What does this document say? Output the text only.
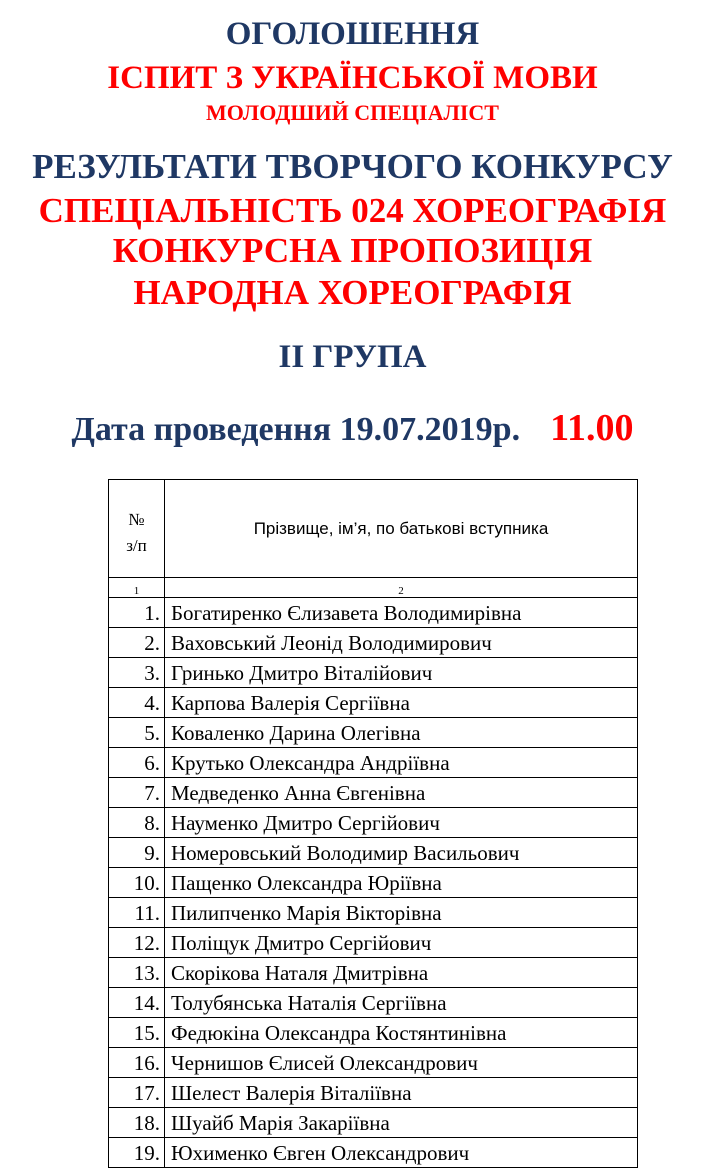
ОГОЛОШЕННЯ
ІСПИТ З УКРАЇНСЬКОЇ МОВИ
МОЛОДШИЙ СПЕЦІАЛІСТ
РЕЗУЛЬТАТИ ТВОРЧОГО КОНКУРСУ
СПЕЦІАЛЬНІСТЬ 024 ХОРЕОГРАФІЯ
КОНКУРСНА ПРОПОЗИЦІЯ
НАРОДНА ХОРЕОГРАФІЯ
ІІ ГРУПА
Дата проведення 19.07.2019р. 11.00
№
з/п	Прізвище, ім’я, по батькові вступника
1	2
1.	Богатиренко Єлизавета Володимирівна
2.	Ваховський Леонід Володимирович
3.	Гринько Дмитро Віталійович
4.	Карпова Валерія Сергіївна
5.	Коваленко Дарина Олегівна
6.	Крутько Олександра Андріївна
7.	Медведенко Анна Євгенівна
8.	Науменко Дмитро Сергійович
9.	Номеровський Володимир Васильович
10.	Пащенко Олександра Юріївна
11.	Пилипченко Марія Вікторівна
12.	Поліщук Дмитро Сергійович
13.	Скорікова Наталя Дмитрівна
14.	Толубянська Наталія Сергіївна
15.	Федюкіна Олександра Костянтинівна
16.	Чернишов Єлисей Олександрович
17.	Шелест Валерія Віталіївна
18.	Шуайб Марія Закаріївна
19.	Юхименко Євген Олександрович
